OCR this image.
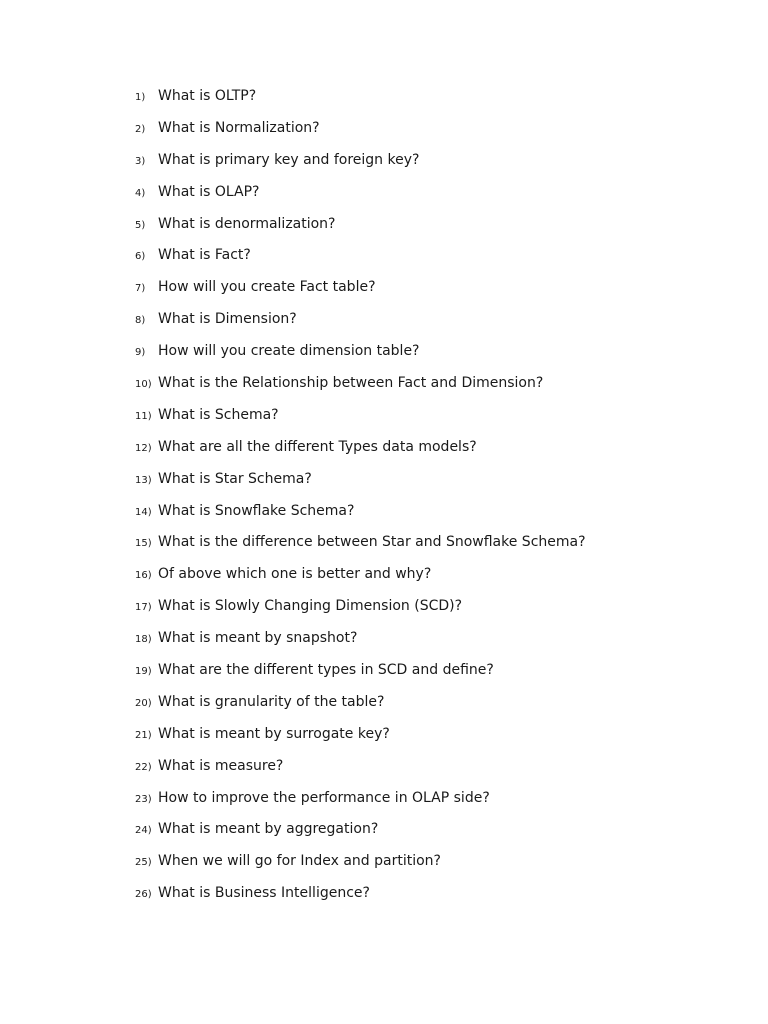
1) What is OLTP?
2) What is Normalization?
3) What is primary key and foreign key?
4) What is OLAP?
5) What is denormalization?
6) What is Fact?
7) How will you create Fact table?
8) What is Dimension?
9) How will you create dimension table?
10) What is the Relationship between Fact and Dimension?
11) What is Schema?
12) What are all the different Types data models?
13) What is Star Schema?
14) What is Snowflake Schema?
15) What is the difference between Star and Snowflake Schema?
16) Of above which one is better and why?
17) What is Slowly Changing Dimension (SCD)?
18) What is meant by snapshot?
19) What are the different types in SCD and define?
20) What is granularity of the table?
21) What is meant by surrogate key?
22) What is measure?
23) How to improve the performance in OLAP side?
24) What is meant by aggregation?
25) When we will go for Index and partition?
26) What is Business Intelligence?
